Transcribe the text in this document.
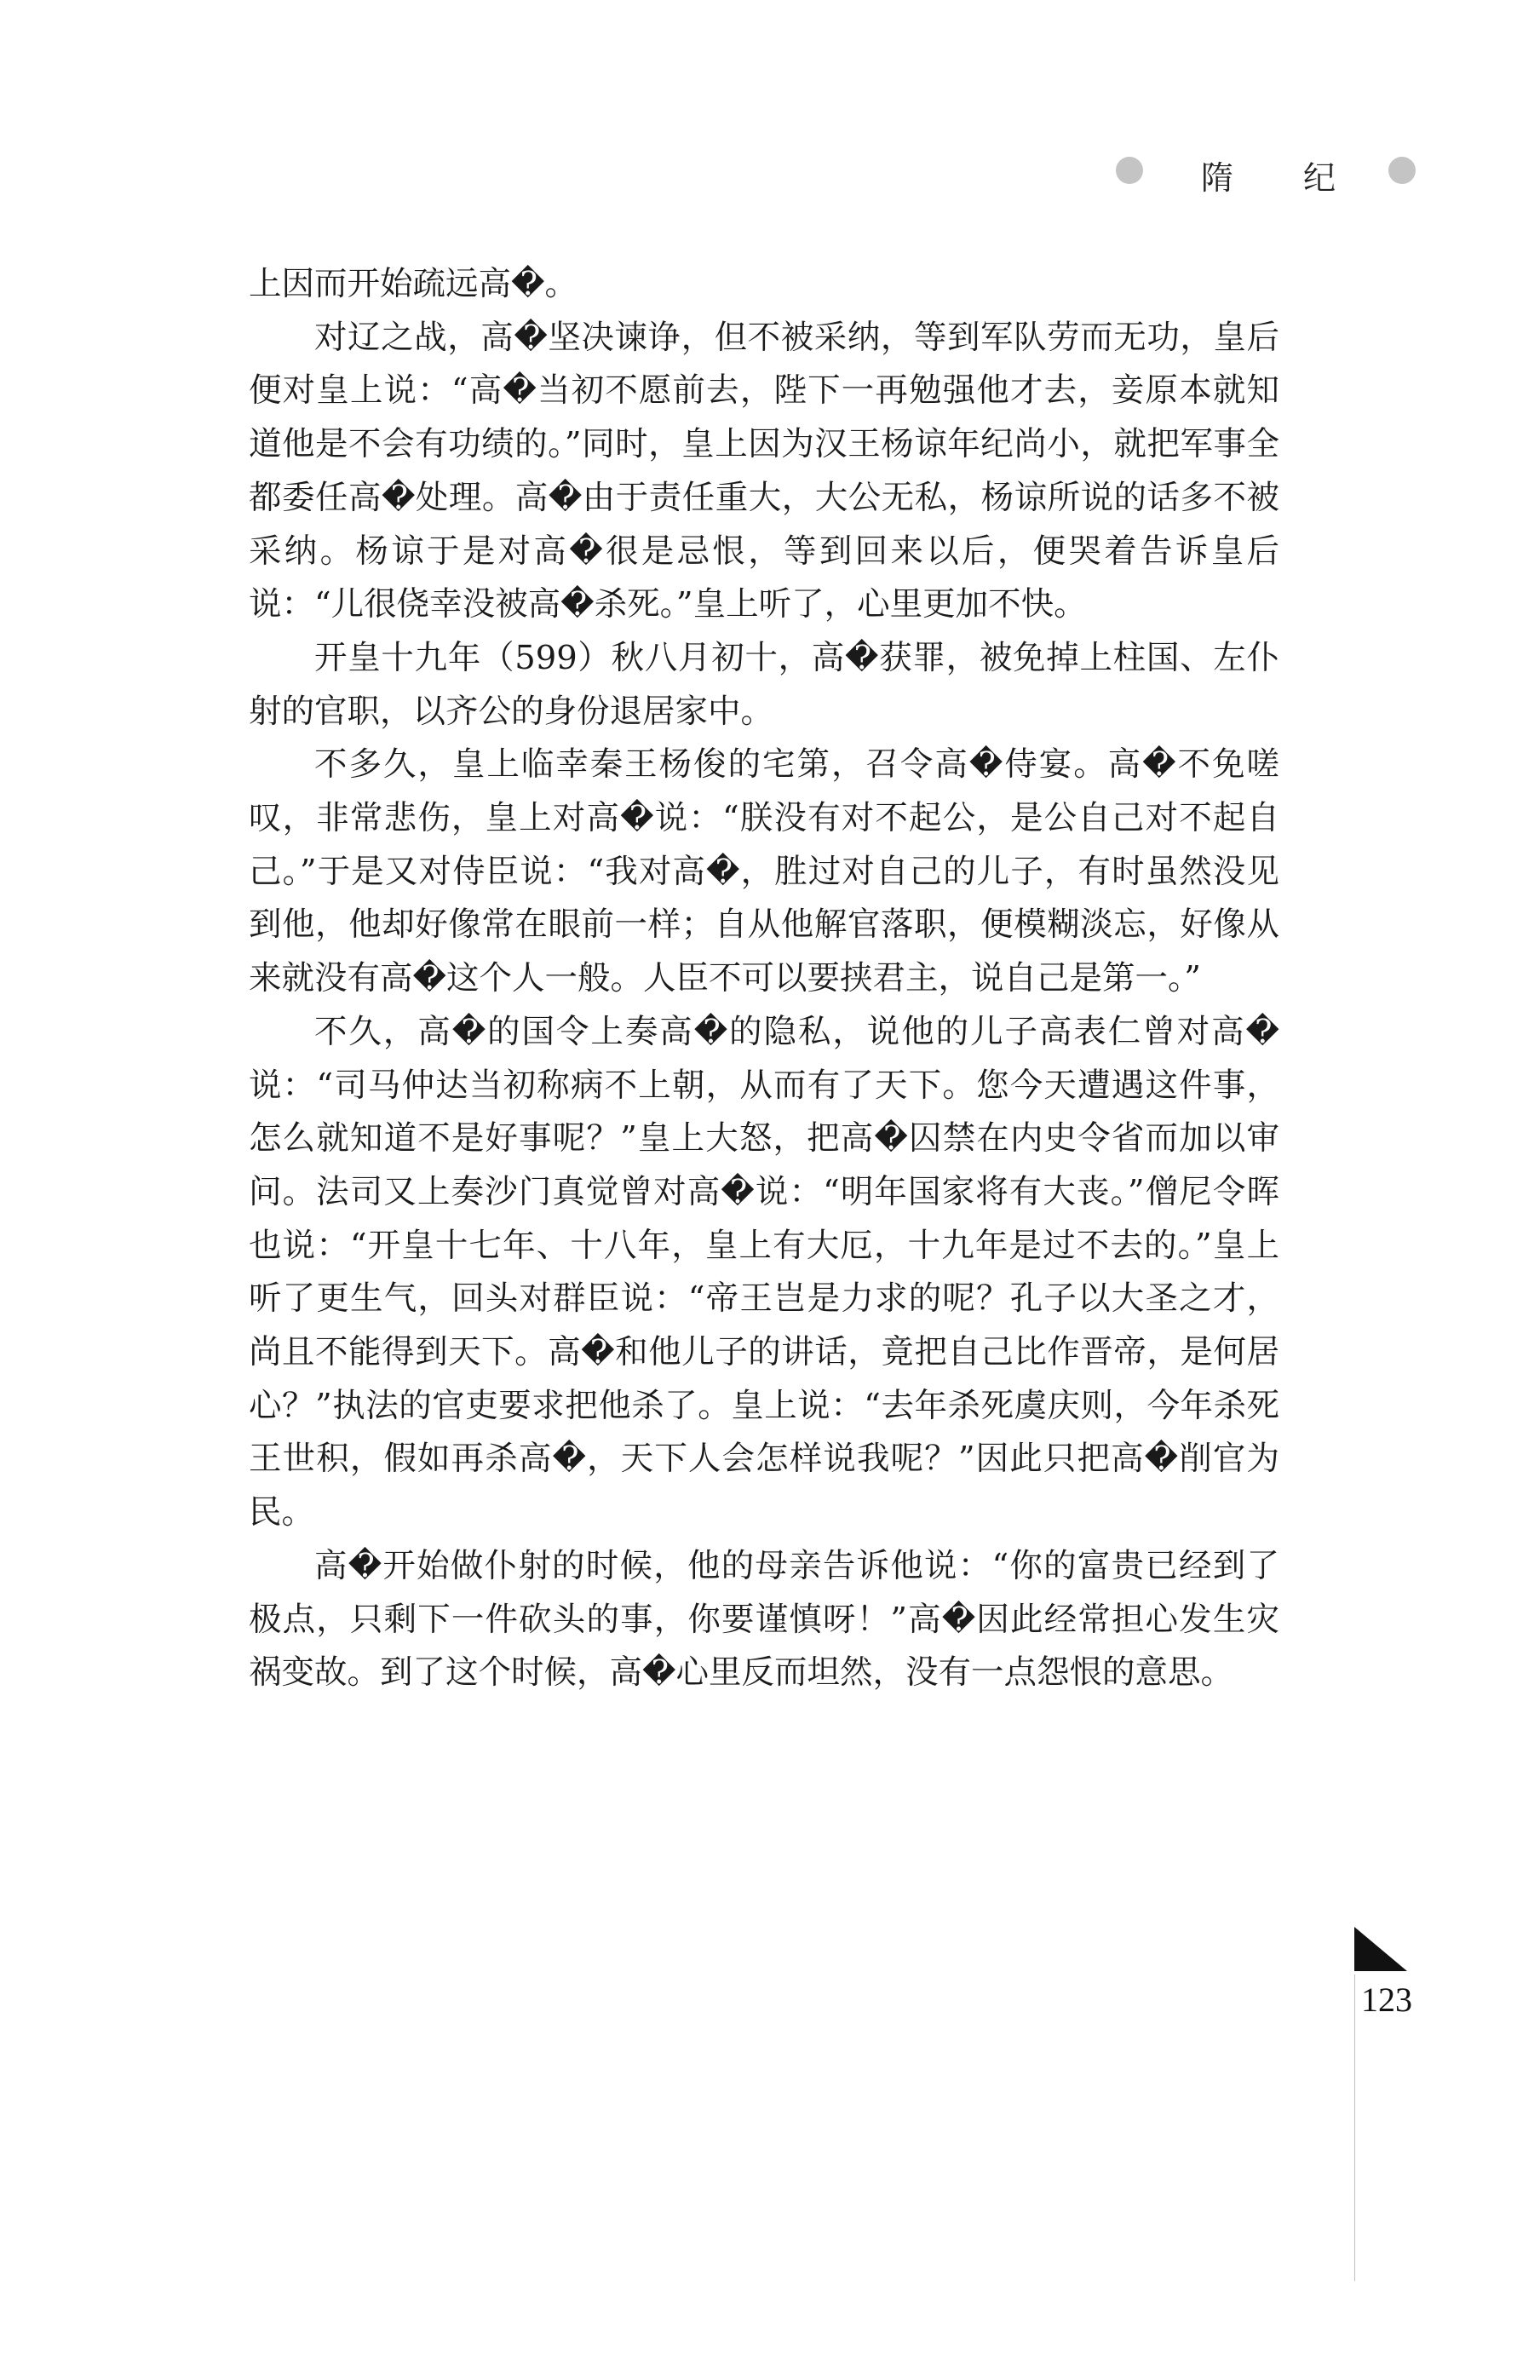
隋 纪

上因而开始疏远高�。

对辽之战，高�坚决谏诤，但不被采纳，等到军队劳而无功，皇后便对皇上说：“高�当初不愿前去，陛下一再勉强他才去，妾原本就知道他是不会有功绩的。”同时，皇上因为汉王杨谅年纪尚小，就把军事全都委任高�处理。高�由于责任重大，大公无私，杨谅所说的话多不被采纳。杨谅于是对高�很是忌恨，等到回来以后，便哭着告诉皇后说：“儿很侥幸没被高�杀死。”皇上听了，心里更加不快。

开皇十九年（599）秋八月初十，高�获罪，被免掉上柱国、左仆射的官职，以齐公的身份退居家中。

不多久，皇上临幸秦王杨俊的宅第，召令高�侍宴。高�不免嗟叹，非常悲伤，皇上对高�说：“朕没有对不起公，是公自己对不起自己。”于是又对侍臣说：“我对高�，胜过对自己的儿子，有时虽然没见到他，他却好像常在眼前一样；自从他解官落职，便模糊淡忘，好像从来就没有高�这个人一般。人臣不可以要挟君主，说自己是第一。”

不久，高�的国令上奏高�的隐私，说他的儿子高表仁曾对高�说：“司马仲达当初称病不上朝，从而有了天下。您今天遭遇这件事，怎么就知道不是好事呢？”皇上大怒，把高�囚禁在内史令省而加以审问。法司又上奏沙门真觉曾对高�说：“明年国家将有大丧。”僧尼令晖也说：“开皇十七年、十八年，皇上有大厄，十九年是过不去的。”皇上听了更生气，回头对群臣说：“帝王岂是力求的呢？孔子以大圣之才，尚且不能得到天下。高�和他儿子的讲话，竟把自己比作晋帝，是何居心？”执法的官吏要求把他杀了。皇上说：“去年杀死虞庆则，今年杀死王世积，假如再杀高�，天下人会怎样说我呢？”因此只把高�削官为民。

高�开始做仆射的时候，他的母亲告诉他说：“你的富贵已经到了极点，只剩下一件砍头的事，你要谨慎呀！”高�因此经常担心发生灾祸变故。到了这个时候，高�心里反而坦然，没有一点怨恨的意思。

123
